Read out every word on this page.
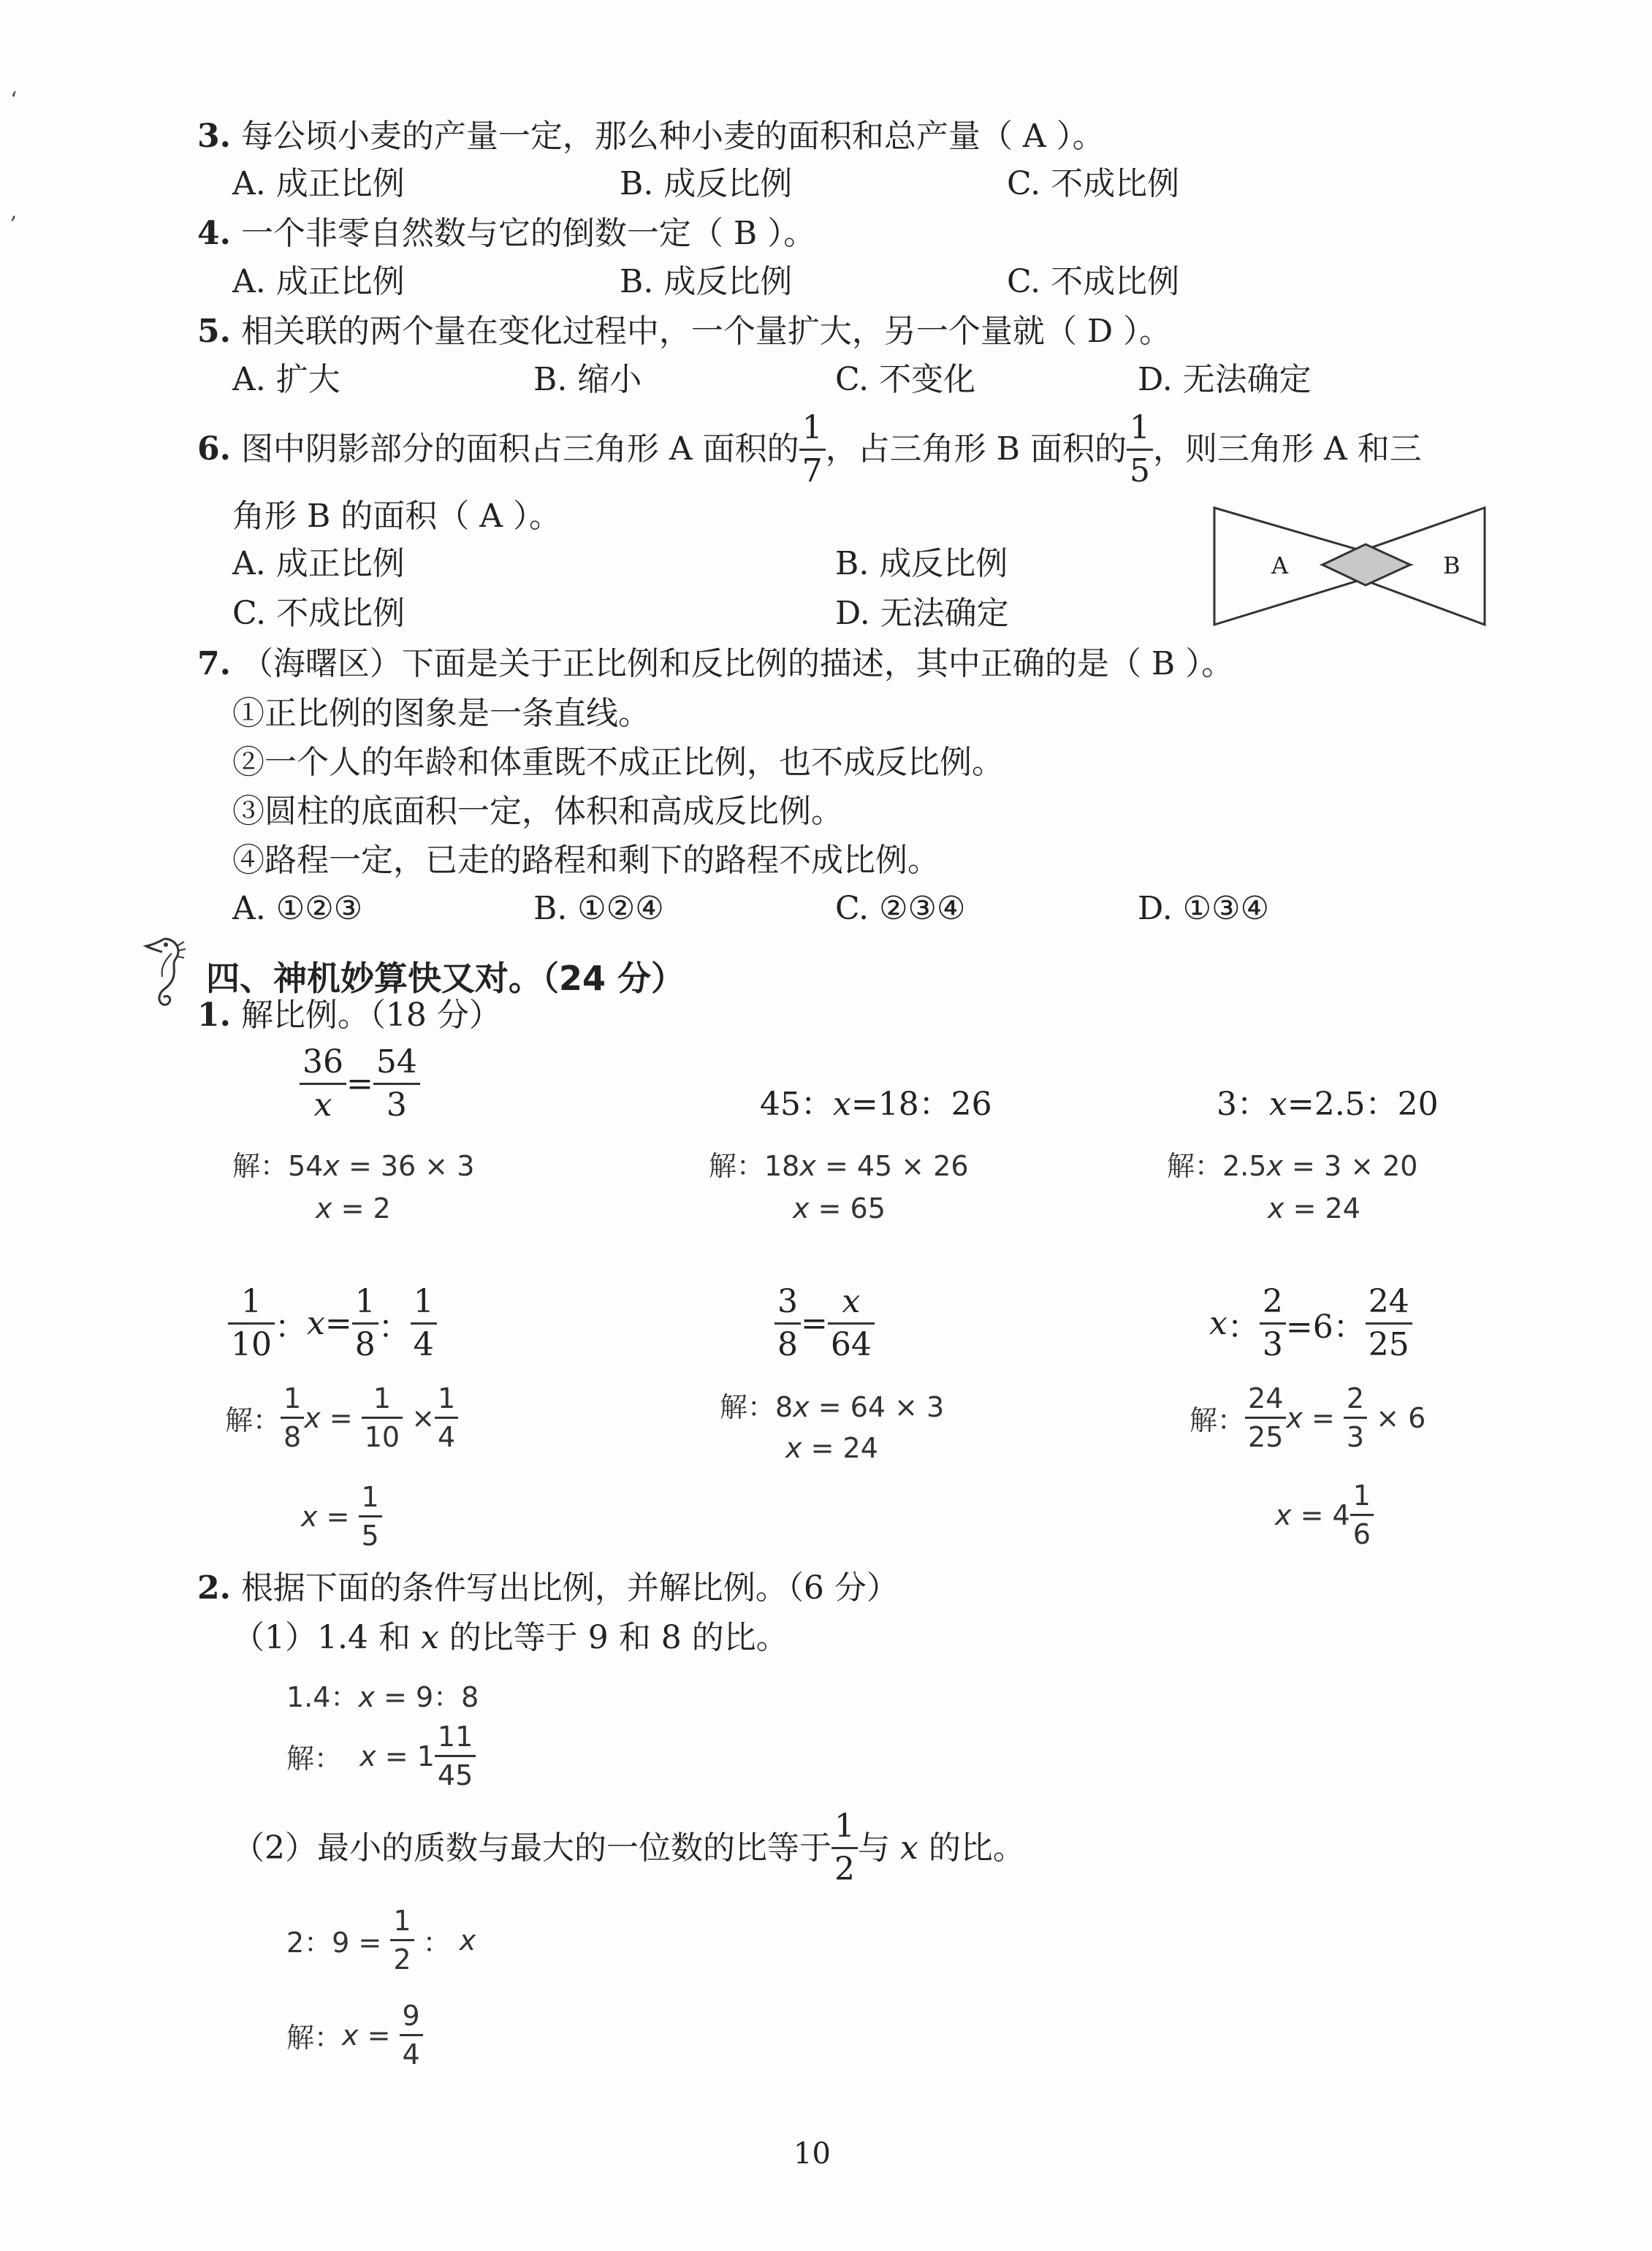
‘
,
3. 每公顷小麦的产量一定，那么种小麦的面积和总产量（ A ）。
A. 成正比例	B. 成反比例	C. 不成比例
4. 一个非零自然数与它的倒数一定（ B ）。
A. 成正比例	B. 成反比例	C. 不成比例
5. 相关联的两个量在变化过程中，一个量扩大，另一个量就（ D ）。
A. 扩大	B. 缩小	C. 不变化	D. 无法确定
6.
图中阴影部分的面积占三角形 A 面积的 $\frac{1}{7}$ ，占三角形 B 面积的 $\frac{1}{5}$ ，则三角形 A 和三
角形 B 的面积（ A ）。
A. 成正比例	B. 成反比例
C. 不成比例	D. 无法确定
A	B
7. （海曙区）下面是关于正比例和反比例的描述，其中正确的是（ B ）。
①正比例的图象是一条直线。
②一个人的年龄和体重既不成正比例，也不成反比例。
③圆柱的底面积一定，体积和高成反比例。
④路程一定，已走的路程和剩下的路程不成比例。
A. ①②③	B. ①②④	C. ②③④	D. ①③④
四、神机妙算快又对。（24 分）
1. 解比例。（18 分）
$\frac{36}{x} = \frac{54}{3}$
解：54x = 36 × 3
x = 2
45：x=18：26
解：18x = 45 × 26
x = 65
3：x=2.5：20
解：2.5x = 3 × 20
x = 24
$\frac{1}{10}$ ： $x = \frac{1}{8}$ ： $\frac{1}{4}$
解： $\frac{1}{8}$ x
=
$\frac{1}{10}$
× $\frac{1}{4}$
x
=
$\frac{1}{5}$
$\frac{3}{8} = \frac{x}{64}$
解：8x = 64 × 3
x = 24
x ： $\frac{2}{3} =6$： $\frac{24}{25}$
解： $\frac{24}{25}$ x
=
$\frac{2}{3}$
× 6
x
= $4 \frac{1}{6}$
2. 根据下面的条件写出比例，并解比例。（6 分）
（1）1.4 和 x 的比等于 9 和 8 的比。
1.4：x = 9：8
解：
x
= $1 \frac{11}{45}$
（2）最小的质数与最大的一位数的比等于 $\frac{1}{2}$ 与
x
的比。
2：9 =
$\frac{1}{2}$
：
x
解： x
=
$\frac{9}{4}$
10
